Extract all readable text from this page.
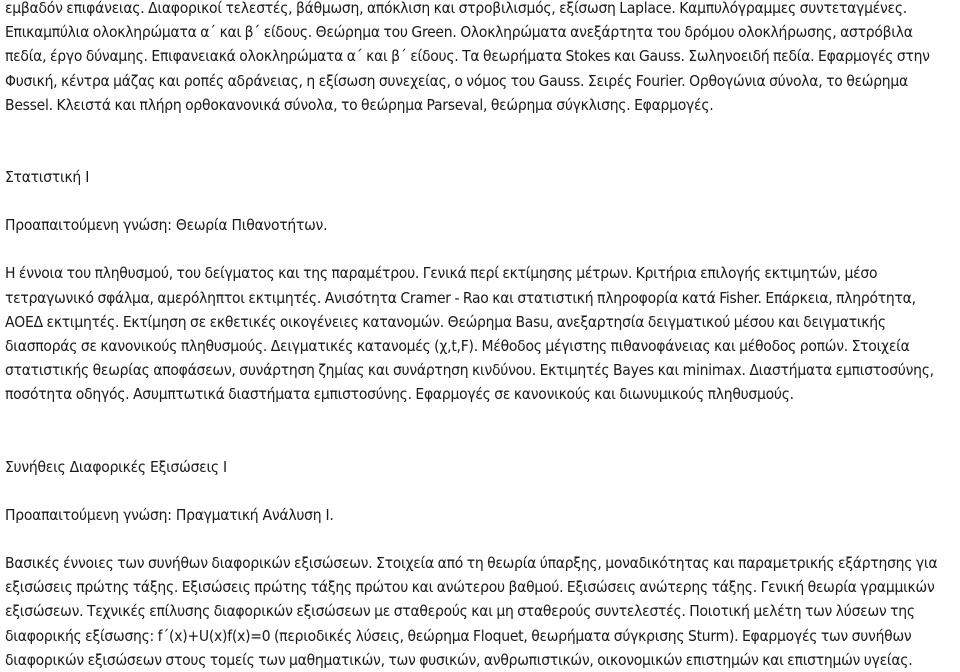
εμβαδόν επιφάνειας. Διαφορικοί τελεστές, βάθμωση, απόκλιση και στροβιλισμός, εξίσωση Laplace. Καμπυλόγραμμες συντεταγμένες. Επικαμπύλια ολοκληρώματα α΄ και β΄ είδους. Θεώρημα του Green. Ολοκληρώματα ανεξάρτητα του δρόμου ολοκλήρωσης, αστρόβιλα πεδία, έργο δύναμης. Επιφανειακά ολοκληρώματα α΄ και β΄ είδους. Τα θεωρήματα Stokes και Gauss. Σωληνοειδή πεδία. Εφαρμογές στην Φυσική, κέντρα μάζας και ροπές αδράνειας, η εξίσωση συνεχείας, ο νόμος του Gauss. Σειρές Fourier. Ορθογώνια σύνολα, το θεώρημα Bessel. Κλειστά και πλήρη ορθοκανονικά σύνολα, το θεώρημα Parseval, θεώρημα σύγκλισης. Εφαρμογές.

Στατιστική Ι

Προαπαιτούμενη γνώση: Θεωρία Πιθανοτήτων.

Η έννοια του πληθυσμού, του δείγματος και της παραμέτρου. Γενικά περί εκτίμησης μέτρων. Κριτήρια επιλογής εκτιμητών, μέσο τετραγωνικό σφάλμα, αμερόληπτοι εκτιμητές. Ανισότητα Cramer - Rao και στατιστική πληροφορία κατά Fisher. Επάρκεια, πληρότητα, ΑΟΕΔ εκτιμητές. Εκτίμηση σε εκθετικές οικογένειες κατανομών. Θεώρημα Basu, ανεξαρτησία δειγματικού μέσου και δειγματικής διασποράς σε κανονικούς πληθυσμούς. Δειγματικές κατανομές (χ,t,F). Μέθοδος μέγιστης πιθανοφάνειας και μέθοδος ροπών. Στοιχεία στατιστικής θεωρίας αποφάσεων, συνάρτηση ζημίας και συνάρτηση κινδύνου. Εκτιμητές Bayes και minimax. Διαστήματα εμπιστοσύνης, ποσότητα οδηγός. Ασυμπτωτικά διαστήματα εμπιστοσύνης. Εφαρμογές σε κανονικούς και διωνυμικούς πληθυσμούς.

Συνήθεις Διαφορικές Εξισώσεις Ι

Προαπαιτούμενη γνώση: Πραγματική Ανάλυση Ι.

Βασικές έννοιες των συνήθων διαφορικών εξισώσεων. Στοιχεία από τη θεωρία ύπαρξης, μοναδικότητας και παραμετρικής εξάρτησης για εξισώσεις πρώτης τάξης. Εξισώσεις πρώτης τάξης πρώτου και ανώτερου βαθμού. Εξισώσεις ανώτερης τάξης. Γενική θεωρία γραμμικών εξισώσεων. Τεχνικές επίλυσης διαφορικών εξισώσεων με σταθερούς και μη σταθερούς συντελεστές. Ποιοτική μελέτη των λύσεων της διαφορικής εξίσωσης: f΄(x)+U(x)f(x)=0 (περιοδικές λύσεις, θεώρημα Floquet, θεωρήματα σύγκρισης Sturm). Εφαρμογές των συνήθων διαφορικών εξισώσεων στους τομείς των μαθηματικών, των φυσικών, ανθρωπιστικών, οικονομικών επιστημών και επιστημών υγείας.
